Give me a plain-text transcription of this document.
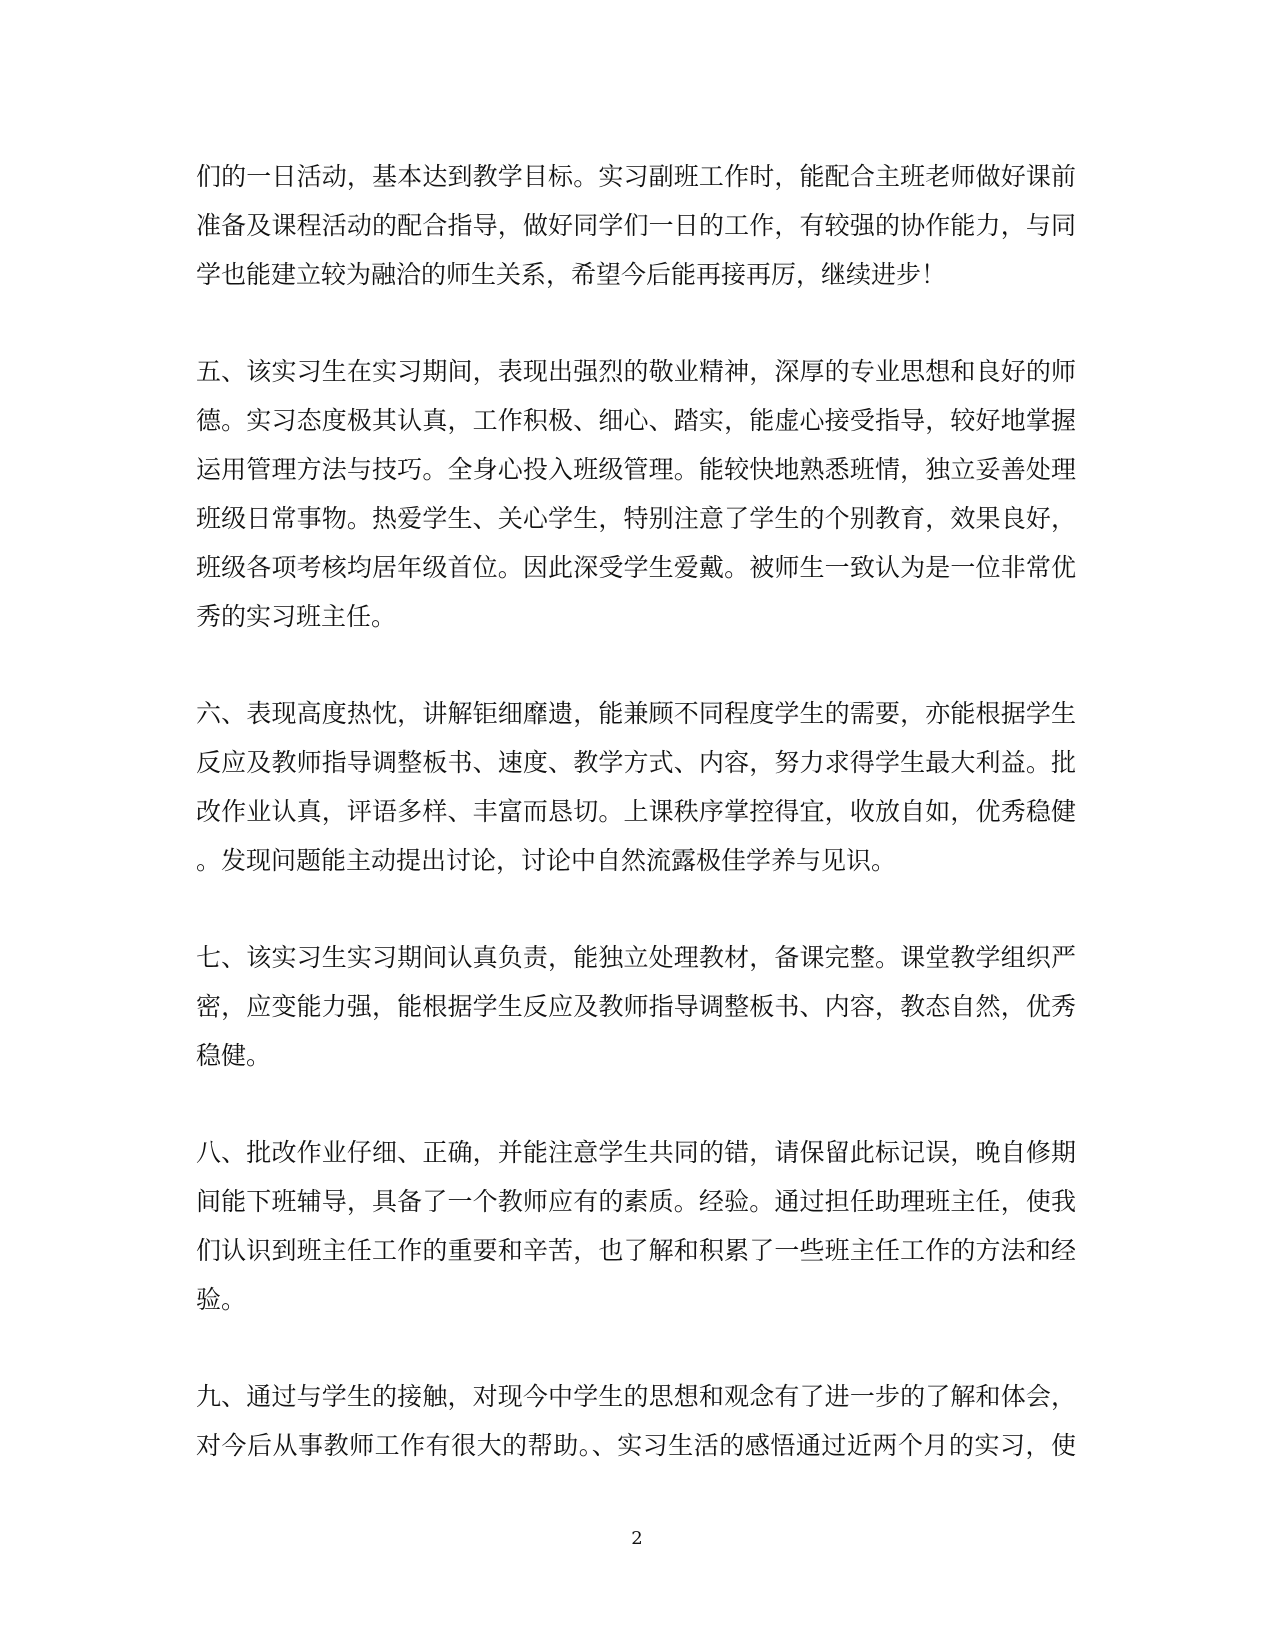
们的一日活动，基本达到教学目标。实习副班工作时，能配合主班老师做好课前
准备及课程活动的配合指导，做好同学们一日的工作，有较强的协作能力，与同
学也能建立较为融洽的师生关系，希望今后能再接再厉，继续进步！
五、该实习生在实习期间，表现出强烈的敬业精神，深厚的专业思想和良好的师
德。实习态度极其认真，工作积极、细心、踏实，能虚心接受指导，较好地掌握
运用管理方法与技巧。全身心投入班级管理。能较快地熟悉班情，独立妥善处理
班级日常事物。热爱学生、关心学生，特别注意了学生的个别教育，效果良好，
班级各项考核均居年级首位。因此深受学生爱戴。被师生一致认为是一位非常优
秀的实习班主任。
六、表现高度热忱，讲解钜细靡遗，能兼顾不同程度学生的需要，亦能根据学生
反应及教师指导调整板书、速度、教学方式、内容，努力求得学生最大利益。批
改作业认真，评语多样、丰富而恳切。上课秩序掌控得宜，收放自如，优秀稳健
。发现问题能主动提出讨论，讨论中自然流露极佳学养与见识。
七、该实习生实习期间认真负责，能独立处理教材，备课完整。课堂教学组织严
密，应变能力强，能根据学生反应及教师指导调整板书、内容，教态自然，优秀
稳健。
八、批改作业仔细、正确，并能注意学生共同的错，请保留此标记误，晚自修期
间能下班辅导，具备了一个教师应有的素质。经验。通过担任助理班主任，使我
们认识到班主任工作的重要和辛苦，也了解和积累了一些班主任工作的方法和经
验。
九、通过与学生的接触，对现今中学生的思想和观念有了进一步的了解和体会，
对今后从事教师工作有很大的帮助。、实习生活的感悟通过近两个月的实习，使
2
